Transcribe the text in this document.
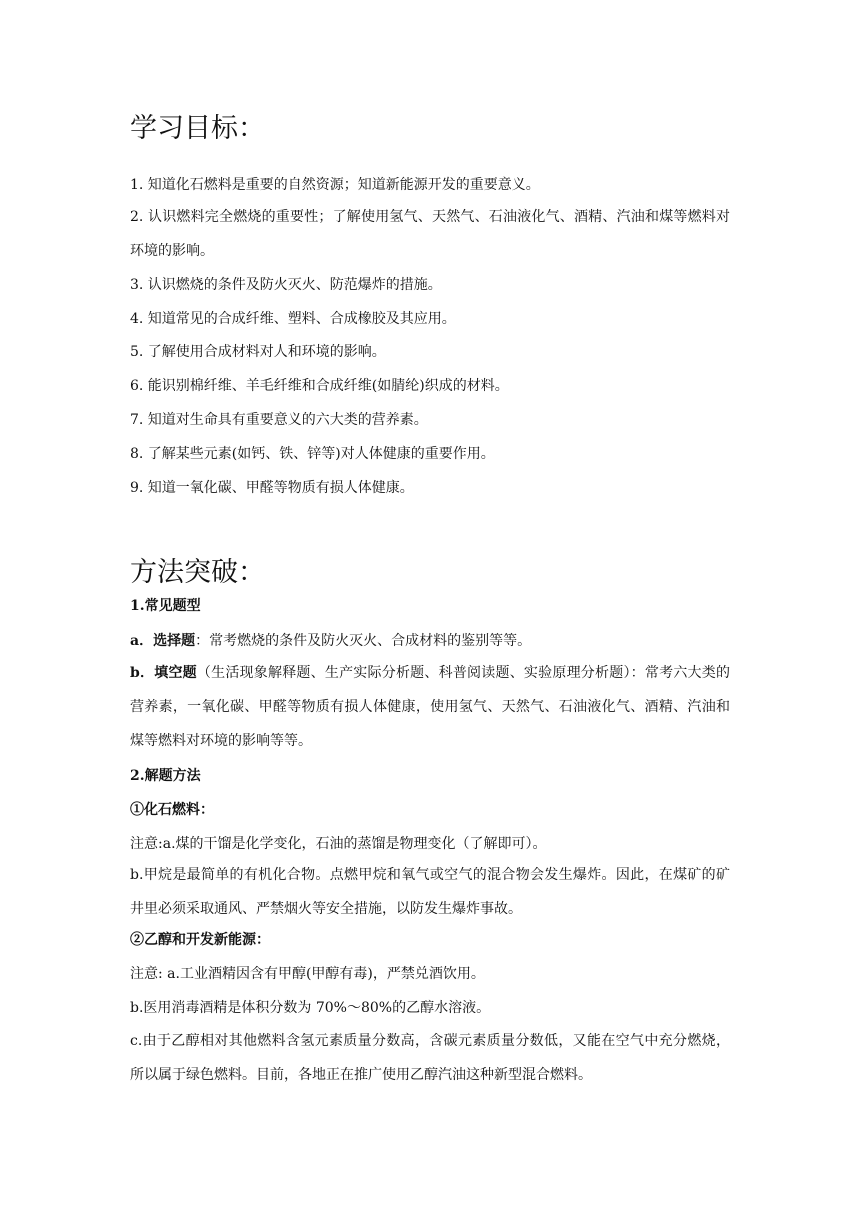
学习目标：
1. 知道化石燃料是重要的自然资源；知道新能源开发的重要意义。
2. 认识燃料完全燃烧的重要性；了解使用氢气、天然气、石油液化气、酒精、汽油和煤等燃料对环境的影响。
3. 认识燃烧的条件及防火灭火、防范爆炸的措施。
4. 知道常见的合成纤维、塑料、合成橡胶及其应用。
5. 了解使用合成材料对人和环境的影响。
6. 能识别棉纤维、羊毛纤维和合成纤维(如腈纶)织成的材料。
7. 知道对生命具有重要意义的六大类的营养素。
8. 了解某些元素(如钙、铁、锌等)对人体健康的重要作用。
9. 知道一氧化碳、甲醛等物质有损人体健康。
方法突破：
1.常见题型
a．选择题：常考燃烧的条件及防火灭火、合成材料的鉴别等等。
b．填空题（生活现象解释题、生产实际分析题、科普阅读题、实验原理分析题）：常考六大类的营养素，一氧化碳、甲醛等物质有损人体健康，使用氢气、天然气、石油液化气、酒精、汽油和煤等燃料对环境的影响等等。
2.解题方法
①化石燃料：
注意:a.煤的干馏是化学变化，石油的蒸馏是物理变化（了解即可）。
b.甲烷是最简单的有机化合物。点燃甲烷和氧气或空气的混合物会发生爆炸。因此，在煤矿的矿井里必须采取通风、严禁烟火等安全措施，以防发生爆炸事故。
②乙醇和开发新能源：
注意: a.工业酒精因含有甲醇(甲醇有毒)，严禁兑酒饮用。
b.医用消毒酒精是体积分数为 70%～80%的乙醇水溶液。
c.由于乙醇相对其他燃料含氢元素质量分数高，含碳元素质量分数低，又能在空气中充分燃烧，所以属于绿色燃料。目前，各地正在推广使用乙醇汽油这种新型混合燃料。
